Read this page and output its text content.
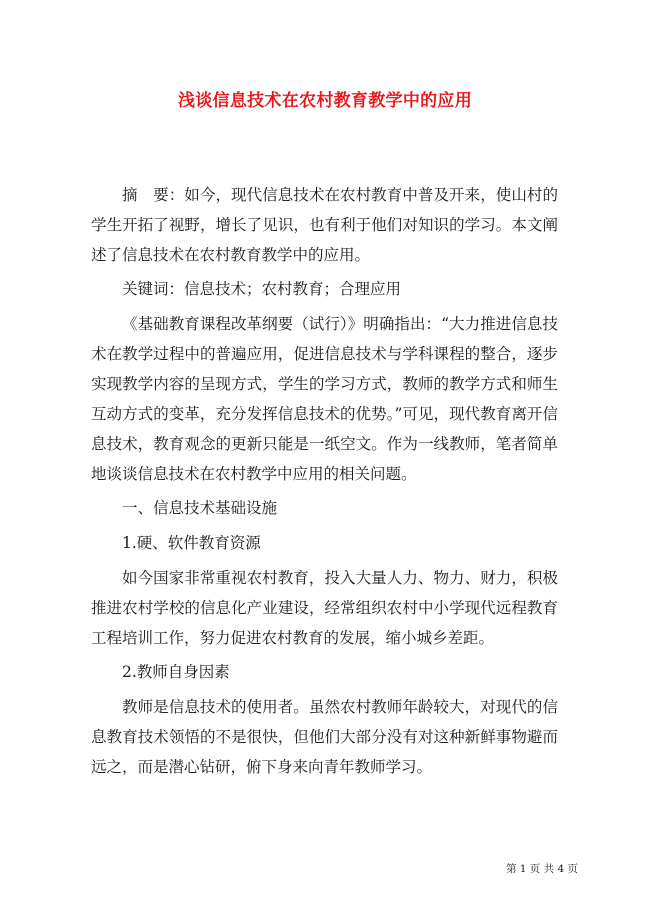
浅谈信息技术在农村教育教学中的应用

摘　要：如今，现代信息技术在农村教育中普及开来，使山村的学生开拓了视野，增长了见识，也有利于他们对知识的学习。本文阐述了信息技术在农村教育教学中的应用。

关键词：信息技术；农村教育；合理应用

《基础教育课程改革纲要（试行）》明确指出：“大力推进信息技术在教学过程中的普遍应用，促进信息技术与学科课程的整合，逐步实现教学内容的呈现方式，学生的学习方式，教师的教学方式和师生互动方式的变革，充分发挥信息技术的优势。”可见，现代教育离开信息技术，教育观念的更新只能是一纸空文。作为一线教师，笔者简单地谈谈信息技术在农村教学中应用的相关问题。

一、信息技术基础设施

1.硬、软件教育资源

如今国家非常重视农村教育，投入大量人力、物力、财力，积极推进农村学校的信息化产业建设，经常组织农村中小学现代远程教育工程培训工作，努力促进农村教育的发展，缩小城乡差距。

2.教师自身因素

教师是信息技术的使用者。虽然农村教师年龄较大，对现代的信息教育技术领悟的不是很快，但他们大部分没有对这种新鲜事物避而远之，而是潜心钻研，俯下身来向青年教师学习。

第 1 页 共 4 页
